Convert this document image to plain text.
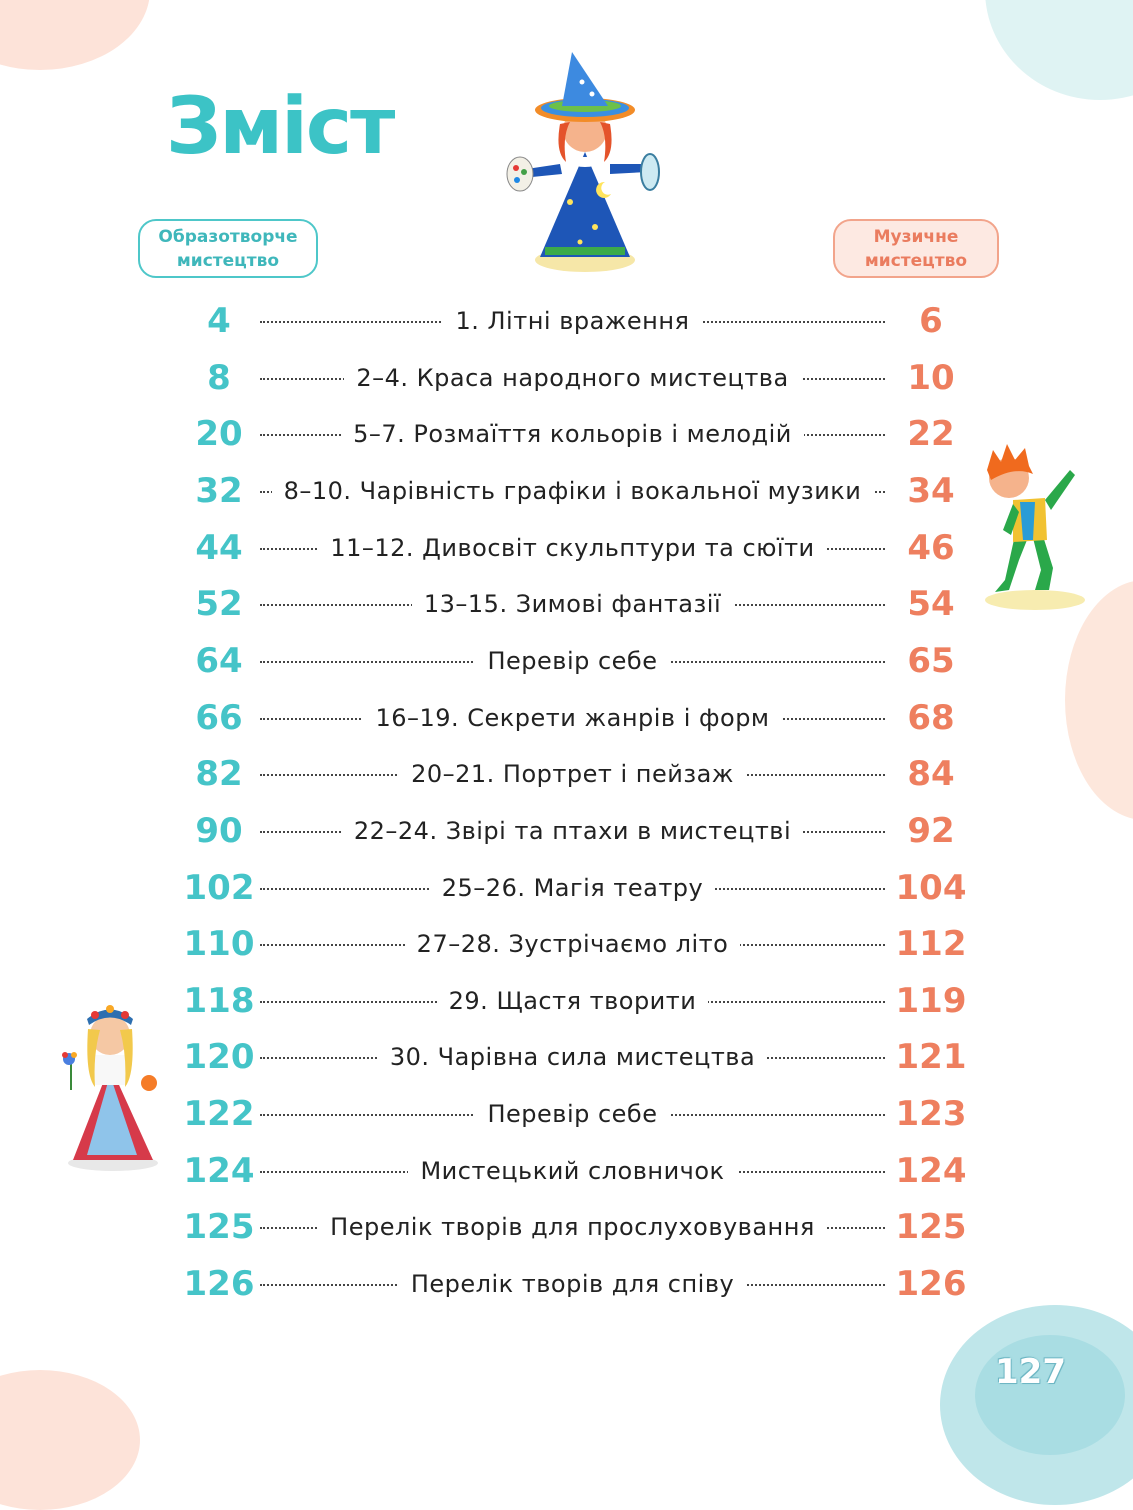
Зміст
Образотворче
мистецтво
Музичне
мистецтво
4	1. Літні враження	6
8	2–4. Краса народного мистецтва	10
20	5–7. Розмаїття кольорів і мелодій	22
32	8–10. Чарівність графіки і вокальної музики	34
44	11–12. Дивосвіт скульптури та сюїти	46
52	13–15. Зимові фантазії	54
64	Перевір себе	65
66	16–19. Секрети жанрів і форм	68
82	20–21. Портрет і пейзаж	84
90	22–24. Звірі та птахи в мистецтві	92
102	25–26. Магія театру	104
110	27–28. Зустрічаємо літо	112
118	29. Щастя творити	119
120	30. Чарівна сила мистецтва	121
122	Перевір себе	123
124	Мистецький словничок	124
125	Перелік творів для прослуховування	125
126	Перелік творів для співу	126
127
